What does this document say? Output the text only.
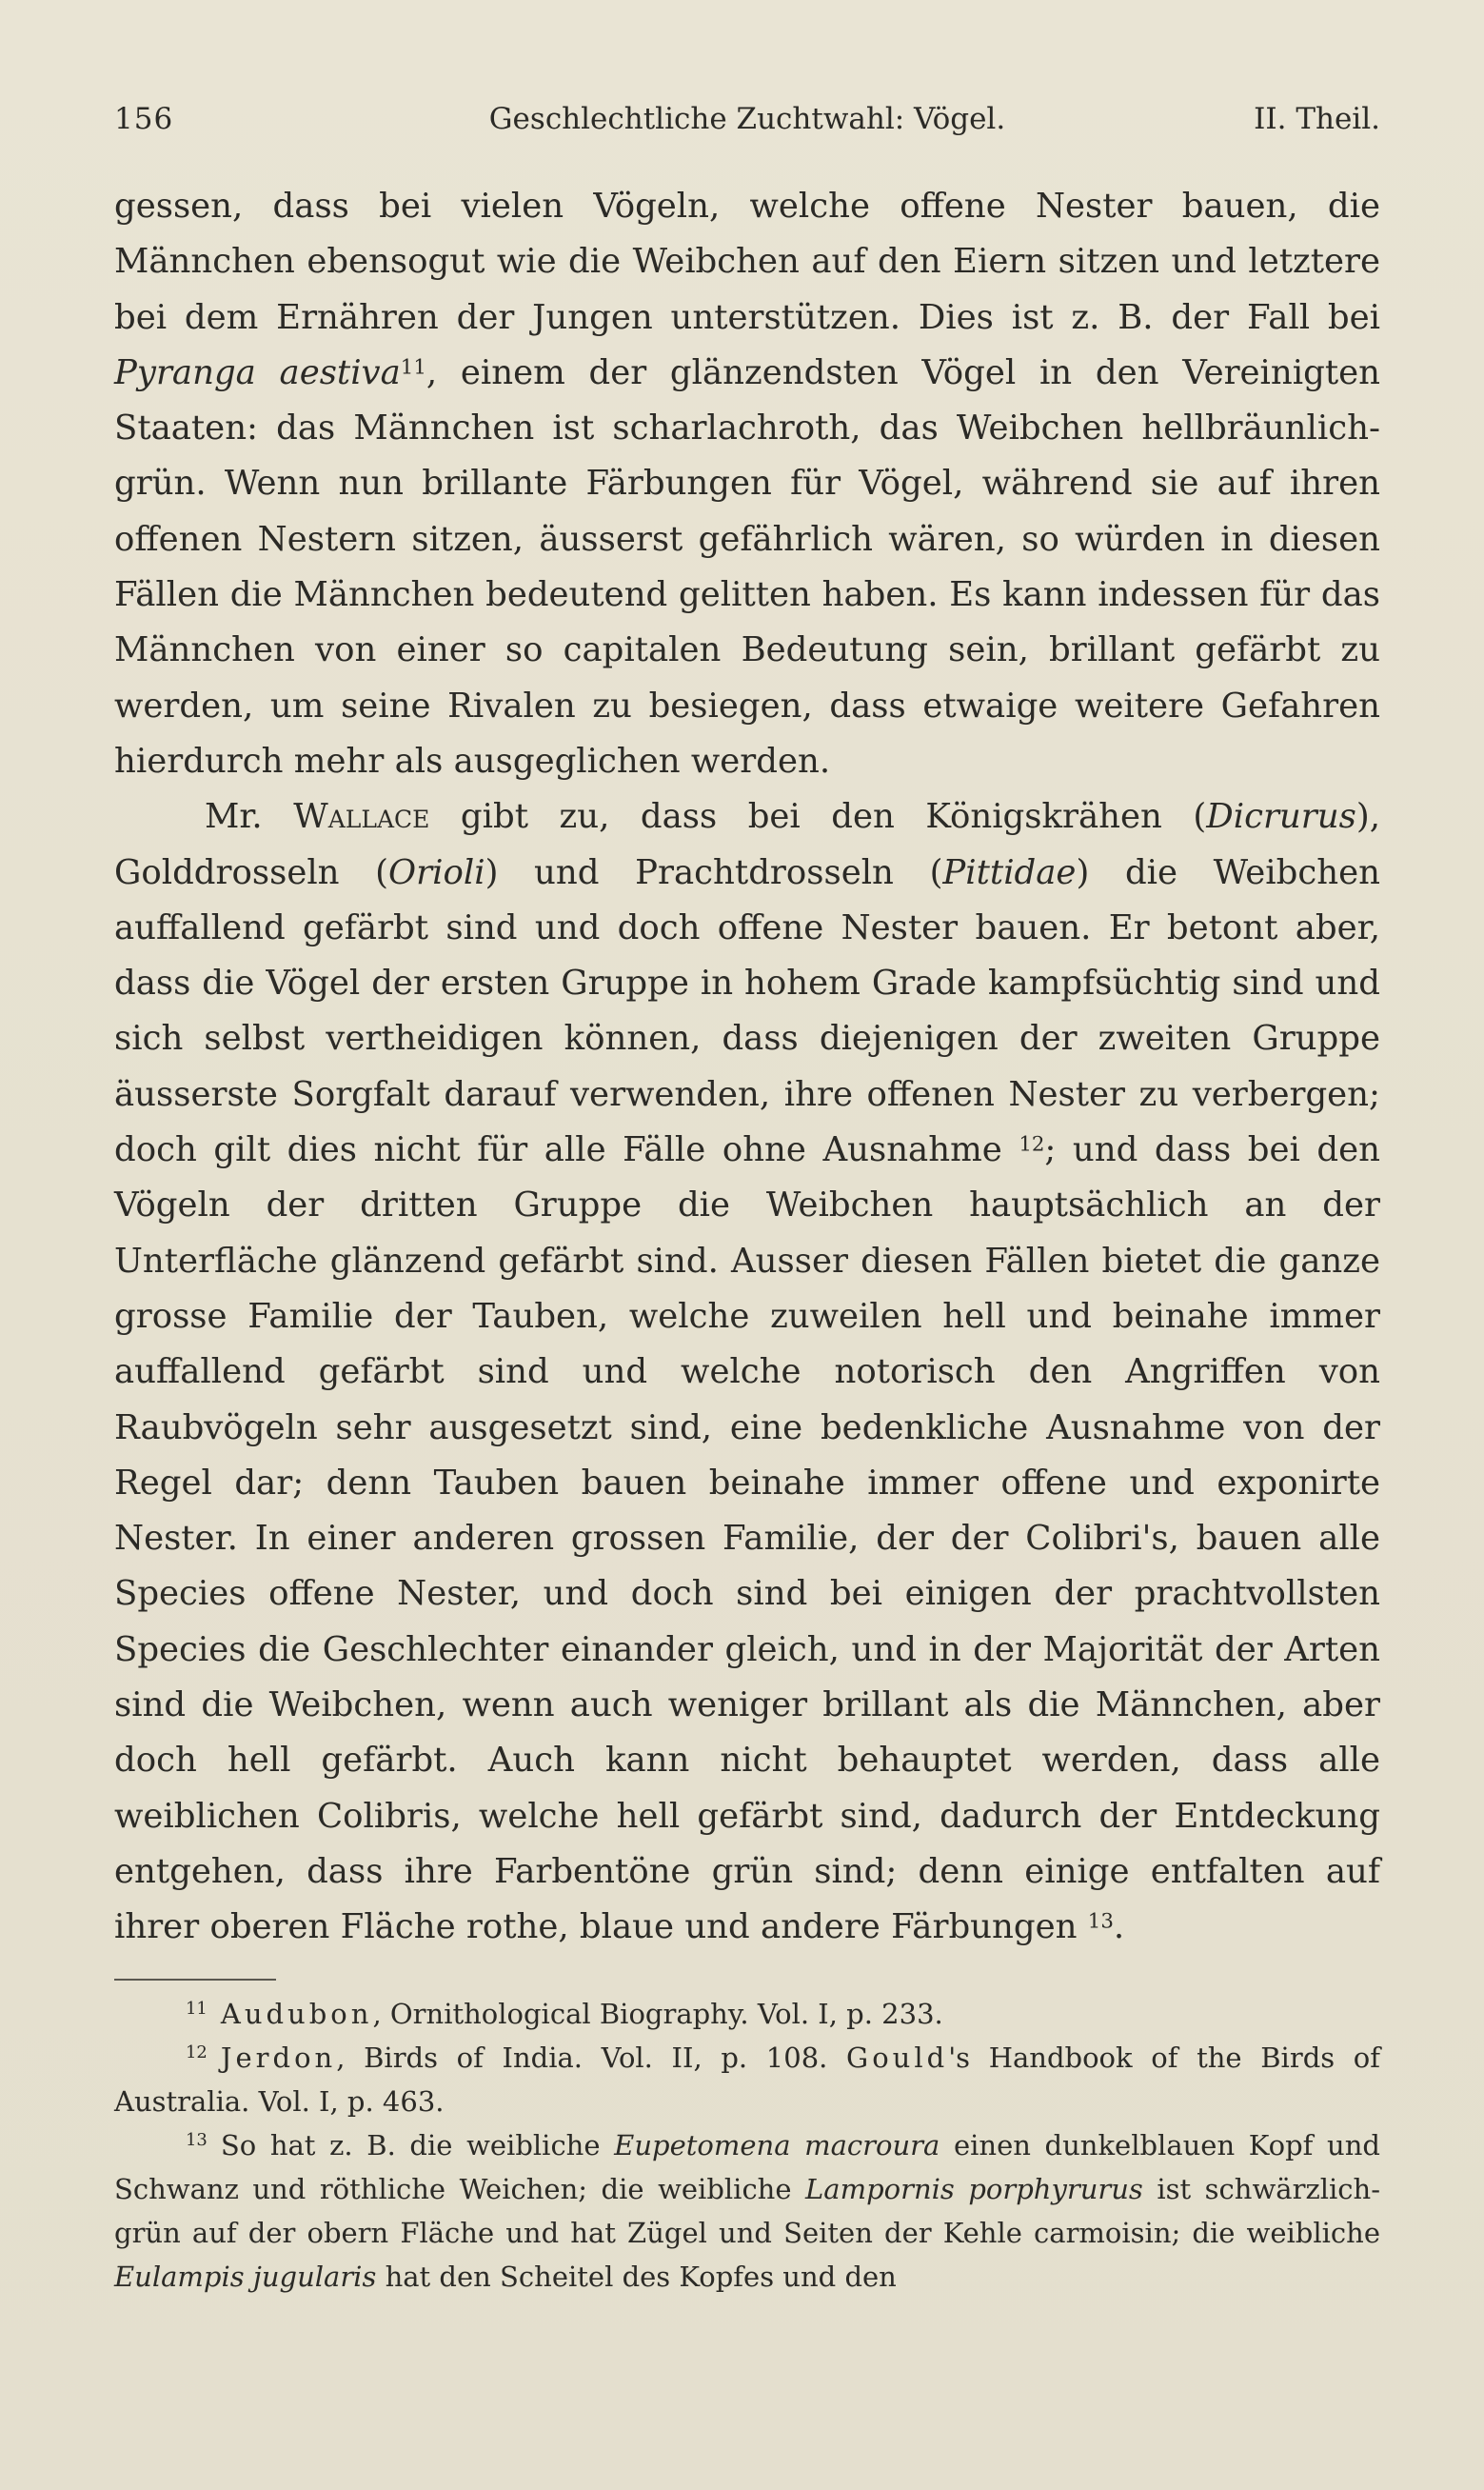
156	Geschlechtliche Zuchtwahl: Vögel.	II. Theil.

gessen, dass bei vielen Vögeln, welche offene Nester bauen, die Männchen ebensogut wie die Weibchen auf den Eiern sitzen und letztere bei dem Ernähren der Jungen unterstützen. Dies ist z. B. der Fall bei Pyranga aestiva$^{11}$, einem der glänzendsten Vögel in den Vereinigten Staaten: das Männchen ist scharlachroth, das Weibchen hellbräunlich-grün. Wenn nun brillante Färbungen für Vögel, während sie auf ihren offenen Nestern sitzen, äusserst gefährlich wären, so würden in diesen Fällen die Männchen bedeutend gelitten haben. Es kann indessen für das Männchen von einer so capitalen Bedeutung sein, brillant gefärbt zu werden, um seine Rivalen zu besiegen, dass etwaige weitere Gefahren hierdurch mehr als ausgeglichen werden.

Mr. Wallace gibt zu, dass bei den Königskrähen (Dicrurus), Golddrosseln (Orioli) und Prachtdrosseln (Pittidae) die Weibchen auffallend gefärbt sind und doch offene Nester bauen. Er betont aber, dass die Vögel der ersten Gruppe in hohem Grade kampfsüchtig sind und sich selbst vertheidigen können, dass diejenigen der zweiten Gruppe äusserste Sorgfalt darauf verwenden, ihre offenen Nester zu verbergen; doch gilt dies nicht für alle Fälle ohne Ausnahme $^{12}$; und dass bei den Vögeln der dritten Gruppe die Weibchen hauptsächlich an der Unterfläche glänzend gefärbt sind. Ausser diesen Fällen bietet die ganze grosse Familie der Tauben, welche zuweilen hell und beinahe immer auffallend gefärbt sind und welche notorisch den Angriffen von Raubvögeln sehr ausgesetzt sind, eine bedenkliche Ausnahme von der Regel dar; denn Tauben bauen beinahe immer offene und exponirte Nester. In einer anderen grossen Familie, der der Colibri's, bauen alle Species offene Nester, und doch sind bei einigen der prachtvollsten Species die Geschlechter einander gleich, und in der Majorität der Arten sind die Weibchen, wenn auch weniger brillant als die Männchen, aber doch hell gefärbt. Auch kann nicht behauptet werden, dass alle weiblichen Colibris, welche hell gefärbt sind, dadurch der Entdeckung entgehen, dass ihre Farbentöne grün sind; denn einige entfalten auf ihrer oberen Fläche rothe, blaue und andere Färbungen $^{13}$.

$^{11}$ Audubon, Ornithological Biography. Vol. I, p. 233.

$^{12}$ Jerdon, Birds of India. Vol. II, p. 108. Gould's Handbook of the Birds of Australia. Vol. I, p. 463.

$^{13}$ So hat z. B. die weibliche Eupetomena macroura einen dunkelblauen Kopf und Schwanz und röthliche Weichen; die weibliche Lampornis porphyrurus ist schwärzlich-grün auf der obern Fläche und hat Zügel und Seiten der Kehle carmoisin; die weibliche Eulampis jugularis hat den Scheitel des Kopfes und den
